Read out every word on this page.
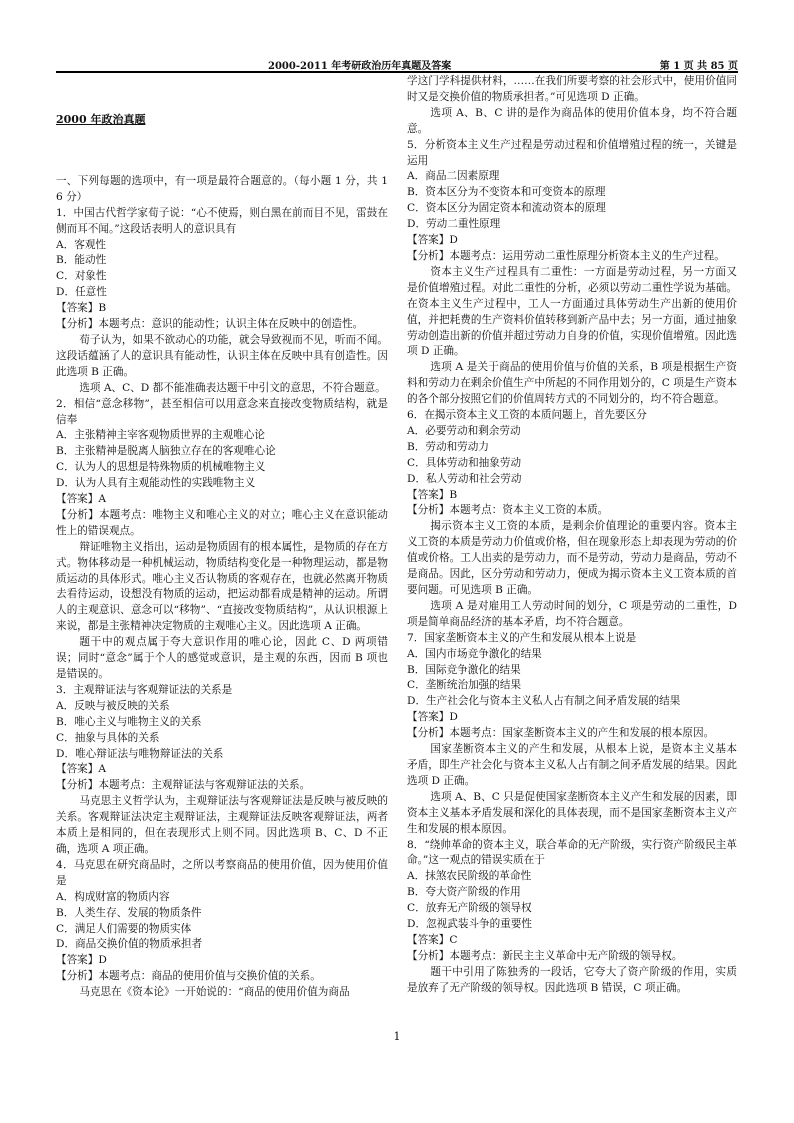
2000-2011 年考研政治历年真题及答案	第 1 页 共 85 页

2000 年政治真题

一、下列每题的选项中，有一项是最符合题意的。（每小题 1 分，共 16 分）

1．中国古代哲学家荀子说：“心不使焉，则白黑在前而目不见，雷鼓在侧而耳不闻。”这段话表明人的意识具有

A．客观性

B．能动性

C．对象性

D．任意性

【答案】B

【分析】本题考点：意识的能动性；认识主体在反映中的创造性。

荀子认为，如果不欲动心的功能，就会导致视而不见，听而不闻。这段话蕴涵了人的意识具有能动性，认识主体在反映中具有创造性。因此选项 B 正确。

选项 A、C、D 都不能准确表达题干中引文的意思，不符合题意。

2．相信“意念移物”，甚至相信可以用意念来直接改变物质结构，就是信奉

A．主张精神主宰客观物质世界的主观唯心论

B．主张精神是脱离人脑独立存在的客观唯心论

C．认为人的思想是特殊物质的机械唯物主义

D．认为人具有主观能动性的实践唯物主义

【答案】A

【分析】本题考点：唯物主义和唯心主义的对立；唯心主义在意识能动性上的错误观点。

辩证唯物主义指出，运动是物质固有的根本属性，是物质的存在方式。物体移动是一种机械运动，物质结构变化是一种物理运动，都是物质运动的具体形式。唯心主义否认物质的客观存在，也就必然离开物质去看待运动，设想没有物质的运动，把运动都看成是精神的运动。所谓人的主观意识、意念可以“移物”、“直接改变物质结构”，从认识根源上来说，都是主张精神决定物质的主观唯心主义。因此选项 A 正确。

题干中的观点属于夸大意识作用的唯心论，因此 C、D 两项错误；同时“意念”属于个人的感觉或意识，是主观的东西，因而 B 项也是错误的。

3．主观辩证法与客观辩证法的关系是

A．反映与被反映的关系

B．唯心主义与唯物主义的关系

C．抽象与具体的关系

D．唯心辩证法与唯物辩证法的关系

【答案】A

【分析】本题考点：主观辩证法与客观辩证法的关系。

马克思主义哲学认为，主观辩证法与客观辩证法是反映与被反映的关系。客观辩证法决定主观辩证法，主观辩证法反映客观辩证法，两者本质上是相同的，但在表现形式上则不同。因此选项 B、C、D 不正确，选项 A 项正确。

4．马克思在研究商品时，之所以考察商品的使用价值，因为使用价值是

A．构成财富的物质内容

B．人类生存、发展的物质条件

C．满足人们需要的物质实体

D．商品交换价值的物质承担者

【答案】D

【分析】本题考点：商品的使用价值与交换价值的关系。

马克思在《资本论》一开始说的：“商品的使用价值为商品

学这门学科提供材料，……在我们所要考察的社会形式中，使用价值同时又是交换价值的物质承担者。”可见选项 D 正确。

选项 A、B、C 讲的是作为商品体的使用价值本身，均不符合题意。

5．分析资本主义生产过程是劳动过程和价值增殖过程的统一，关键是运用

A．商品二因素原理

B．资本区分为不变资本和可变资本的原理

C．资本区分为固定资本和流动资本的原理

D．劳动二重性原理

【答案】D

【分析】本题考点：运用劳动二重性原理分析资本主义的生产过程。

资本主义生产过程具有二重性：一方面是劳动过程，另一方面又是价值增殖过程。对此二重性的分析，必须以劳动二重性学说为基础。在资本主义生产过程中，工人一方面通过具体劳动生产出新的使用价值，并把耗费的生产资料价值转移到新产品中去；另一方面，通过抽象劳动创造出新的价值并超过劳动力自身的价值，实现价值增殖。因此选项 D 正确。

选项 A 是关于商品的使用价值与价值的关系，B 项是根据生产资料和劳动力在剩余价值生产中所起的不同作用划分的，C 项是生产资本的各个部分按照它们的价值周转方式的不同划分的，均不符合题意。

6．在揭示资本主义工资的本质问题上，首先要区分

A．必要劳动和剩余劳动

B．劳动和劳动力

C．具体劳动和抽象劳动

D．私人劳动和社会劳动

【答案】B

【分析】本题考点：资本主义工资的本质。

揭示资本主义工资的本质，是剩余价值理论的重要内容。资本主义工资的本质是劳动力价值或价格，但在现象形态上却表现为劳动的价值或价格。工人出卖的是劳动力，而不是劳动，劳动力是商品，劳动不是商品。因此，区分劳动和劳动力，便成为揭示资本主义工资本质的首要问题。可见选项 B 正确。

选项 A 是对雇用工人劳动时间的划分，C 项是劳动的二重性，D 项是简单商品经济的基本矛盾，均不符合题意。

7．国家垄断资本主义的产生和发展从根本上说是

A．国内市场竞争激化的结果

B．国际竞争激化的结果

C．垄断统治加强的结果

D．生产社会化与资本主义私人占有制之间矛盾发展的结果

【答案】D

【分析】本题考点：国家垄断资本主义的产生和发展的根本原因。

国家垄断资本主义的产生和发展，从根本上说，是资本主义基本矛盾，即生产社会化与资本主义私人占有制之间矛盾发展的结果。因此选项 D 正确。

选项 A、B、C 只是促使国家垄断资本主义产生和发展的因素，即资本主义基本矛盾发展和深化的具体表现，而不是国家垄断资本主义产生和发展的根本原因。

8．“绕帅革命的资本主义，联合革命的无产阶级，实行资产阶级民主革命。”这一观点的错误实质在于

A．抹煞农民阶级的革命性

B．夸大资产阶级的作用

C．放弃无产阶级的领导权

D．忽视武装斗争的重要性

【答案】C

【分析】本题考点：新民主主义革命中无产阶级的领导权。

题干中引用了陈独秀的一段话，它夸大了资产阶级的作用，实质是放弃了无产阶级的领导权。因此选项 B 错误，C 项正确。

1
